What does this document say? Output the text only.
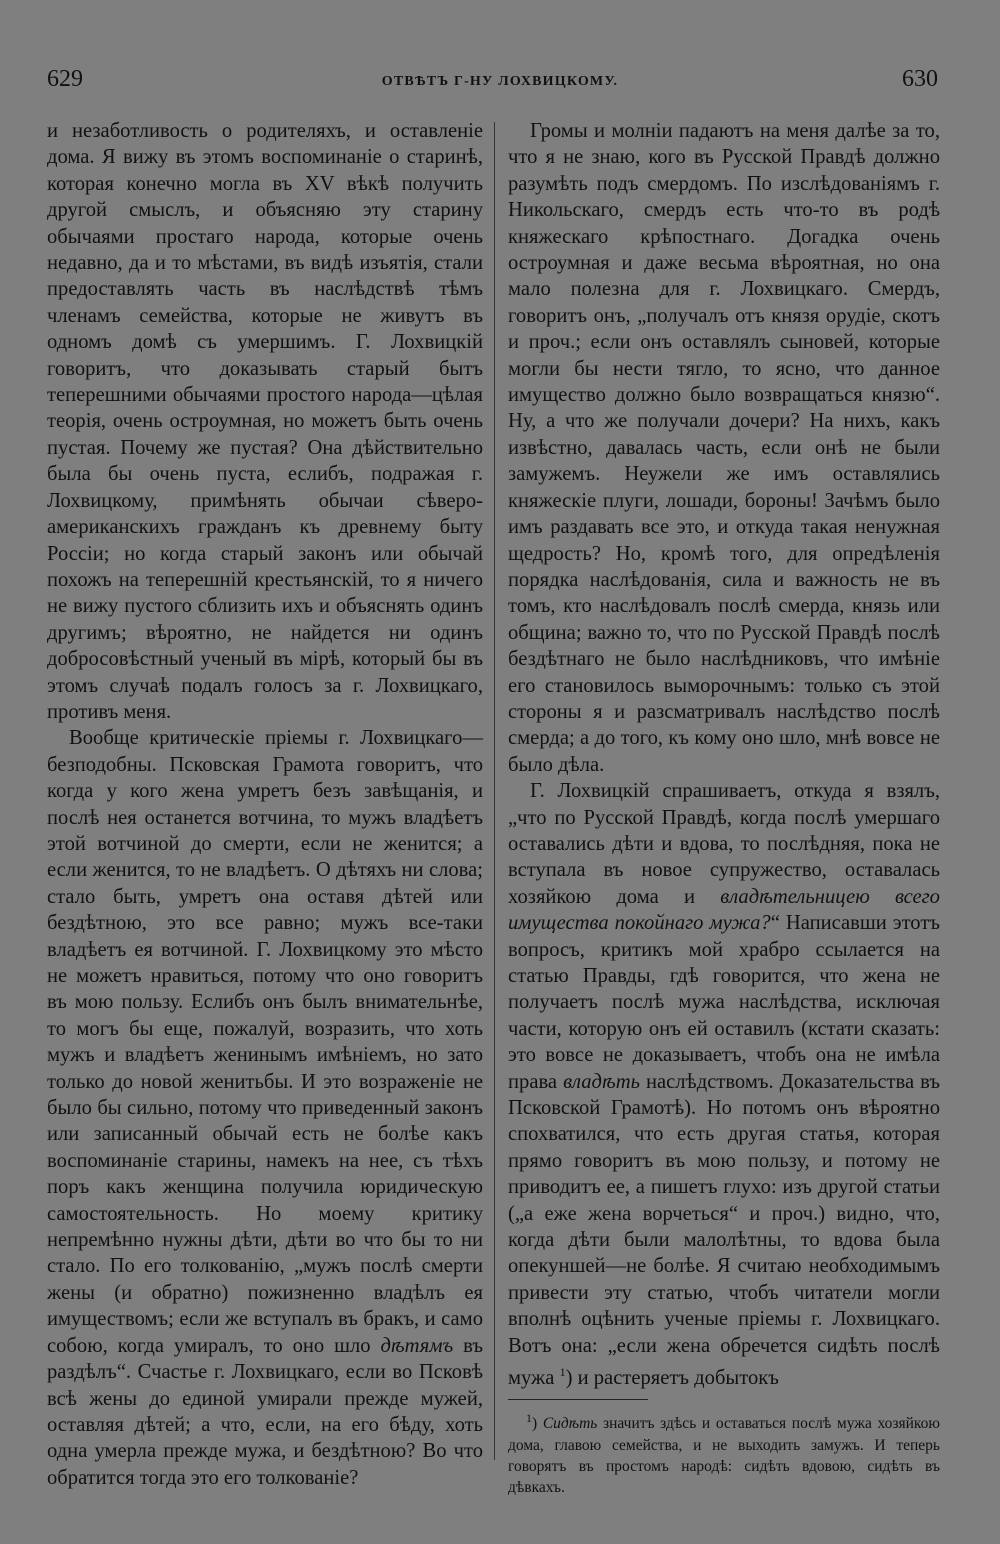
629	ОТВѢТЪ Г-НУ ЛОХВИЦКОМУ.	630

и незаботливость о родителяхъ, и оставленіе дома. Я вижу въ этомъ воспоминаніе о старинѣ, которая конечно могла въ XV вѣкѣ получить другой смыслъ, и объясняю эту старину обычаями простаго народа, которые очень недавно, да и то мѣстами, въ видѣ изъятія, стали предоставлять часть въ наслѣдствѣ тѣмъ членамъ семейства, которые не живутъ въ одномъ домѣ съ умершимъ. Г. Лохвицкій говоритъ, что доказывать старый бытъ теперешними обычаями простого народа—цѣлая теорія, очень остроумная, но можетъ быть очень пустая. Почему же пустая? Она дѣйствительно была бы очень пуста, еслибъ, подражая г. Лохвицкому, примѣнять обычаи сѣверо-американскихъ гражданъ къ древнему быту Россіи; но когда старый законъ или обычай похожъ на теперешній крестьянскій, то я ничего не вижу пустого сблизить ихъ и объяснять одинъ другимъ; вѣроятно, не найдется ни одинъ добросовѣстный ученый въ мірѣ, который бы въ этомъ случаѣ подалъ голосъ за г. Лохвицкаго, противъ меня.

Вообще критическіе пріемы г. Лохвицкаго—безподобны. Псковская Грамота говоритъ, что когда у кого жена умретъ безъ завѣщанія, и послѣ нея останется вотчина, то мужъ владѣетъ этой вотчиной до смерти, если не женится; а если женится, то не владѣетъ. О дѣтяхъ ни слова; стало быть, умретъ она оставя дѣтей или бездѣтною, это все равно; мужъ все-таки владѣетъ ея вотчиной. Г. Лохвицкому это мѣсто не можетъ нравиться, потому что оно говоритъ въ мою пользу. Еслибъ онъ былъ внимательнѣе, то могъ бы еще, пожалуй, возразить, что хоть мужъ и владѣетъ женинымъ имѣніемъ, но зато только до новой женитьбы. И это возраженіе не было бы сильно, потому что приведенный законъ или записанный обычай есть не болѣе какъ воспоминаніе старины, намекъ на нее, съ тѣхъ поръ какъ женщина получила юридическую самостоятельность. Но моему критику непремѣнно нужны дѣти, дѣти во что бы то ни стало. По его толкованію, „мужъ послѣ смерти жены (и обратно) пожизненно владѣлъ ея имуществомъ; если же вступалъ въ бракъ, и само собою, когда умиралъ, то оно шло дѣтямъ въ раздѣлъ“. Счастье г. Лохвицкаго, если во Псковѣ всѣ жены до единой умирали прежде мужей, оставляя дѣтей; а что, если, на его бѣду, хоть одна умерла прежде мужа, и бездѣтною? Во что обратится тогда это его толкованіе?

Громы и молніи падаютъ на меня далѣе за то, что я не знаю, кого въ Русской Правдѣ должно разумѣть подъ смердомъ. По изслѣдованіямъ г. Никольскаго, смердъ есть что-то въ родѣ княжескаго крѣпостнаго. Догадка очень остроумная и даже весьма вѣроятная, но она мало полезна для г. Лохвицкаго. Смердъ, говоритъ онъ, „получалъ отъ князя орудіе, скотъ и проч.; если онъ оставлялъ сыновей, которые могли бы нести тягло, то ясно, что данное имущество должно было возвращаться князю“. Ну, а что же получали дочери? На нихъ, какъ извѣстно, давалась часть, если онѣ не были замужемъ. Неужели же имъ оставлялись княжескіе плуги, лошади, бороны! Зачѣмъ было имъ раздавать все это, и откуда такая ненужная щедрость? Но, кромѣ того, для опредѣленія порядка наслѣдованія, сила и важность не въ томъ, кто наслѣдовалъ послѣ смерда, князь или община; важно то, что по Русской Правдѣ послѣ бездѣтнаго не было наслѣдниковъ, что имѣніе его становилось выморочнымъ: только съ этой стороны я и разсматривалъ наслѣдство послѣ смерда; а до того, къ кому оно шло, мнѣ вовсе не было дѣла.

Г. Лохвицкій спрашиваетъ, откуда я взялъ, „что по Русской Правдѣ, когда послѣ умершаго оставались дѣти и вдова, то послѣдняя, пока не вступала въ новое супружество, оставалась хозяйкою дома и владѣтельницею всего имущества покойнаго мужа?“ Написавши этотъ вопросъ, критикъ мой храбро ссылается на статью Правды, гдѣ говорится, что жена не получаетъ послѣ мужа наслѣдства, исключая части, которую онъ ей оставилъ (кстати сказать: это вовсе не доказываетъ, чтобъ она не имѣла права владѣть наслѣдствомъ. Доказательства въ Псковской Грамотѣ). Но потомъ онъ вѣроятно спохватился, что есть другая статья, которая прямо говоритъ въ мою пользу, и потому не приводитъ ее, а пишетъ глухо: изъ другой статьи („а еже жена ворчеться“ и проч.) видно, что, когда дѣти были малолѣтны, то вдова была опекуншей—не болѣе. Я считаю необходимымъ привести эту статью, чтобъ читатели могли вполнѣ оцѣнить ученые пріемы г. Лохвицкаго. Вотъ она: „если жена обречется сидѣть послѣ мужа $^1$) и растеряетъ добытокъ

$^1$) Сидѣть значитъ здѣсь и оставаться послѣ мужа хозяйкою дома, главою семейства, и не выходить замужъ. И теперь говорятъ въ простомъ народѣ: сидѣть вдовою, сидѣть въ дѣвкахъ.
